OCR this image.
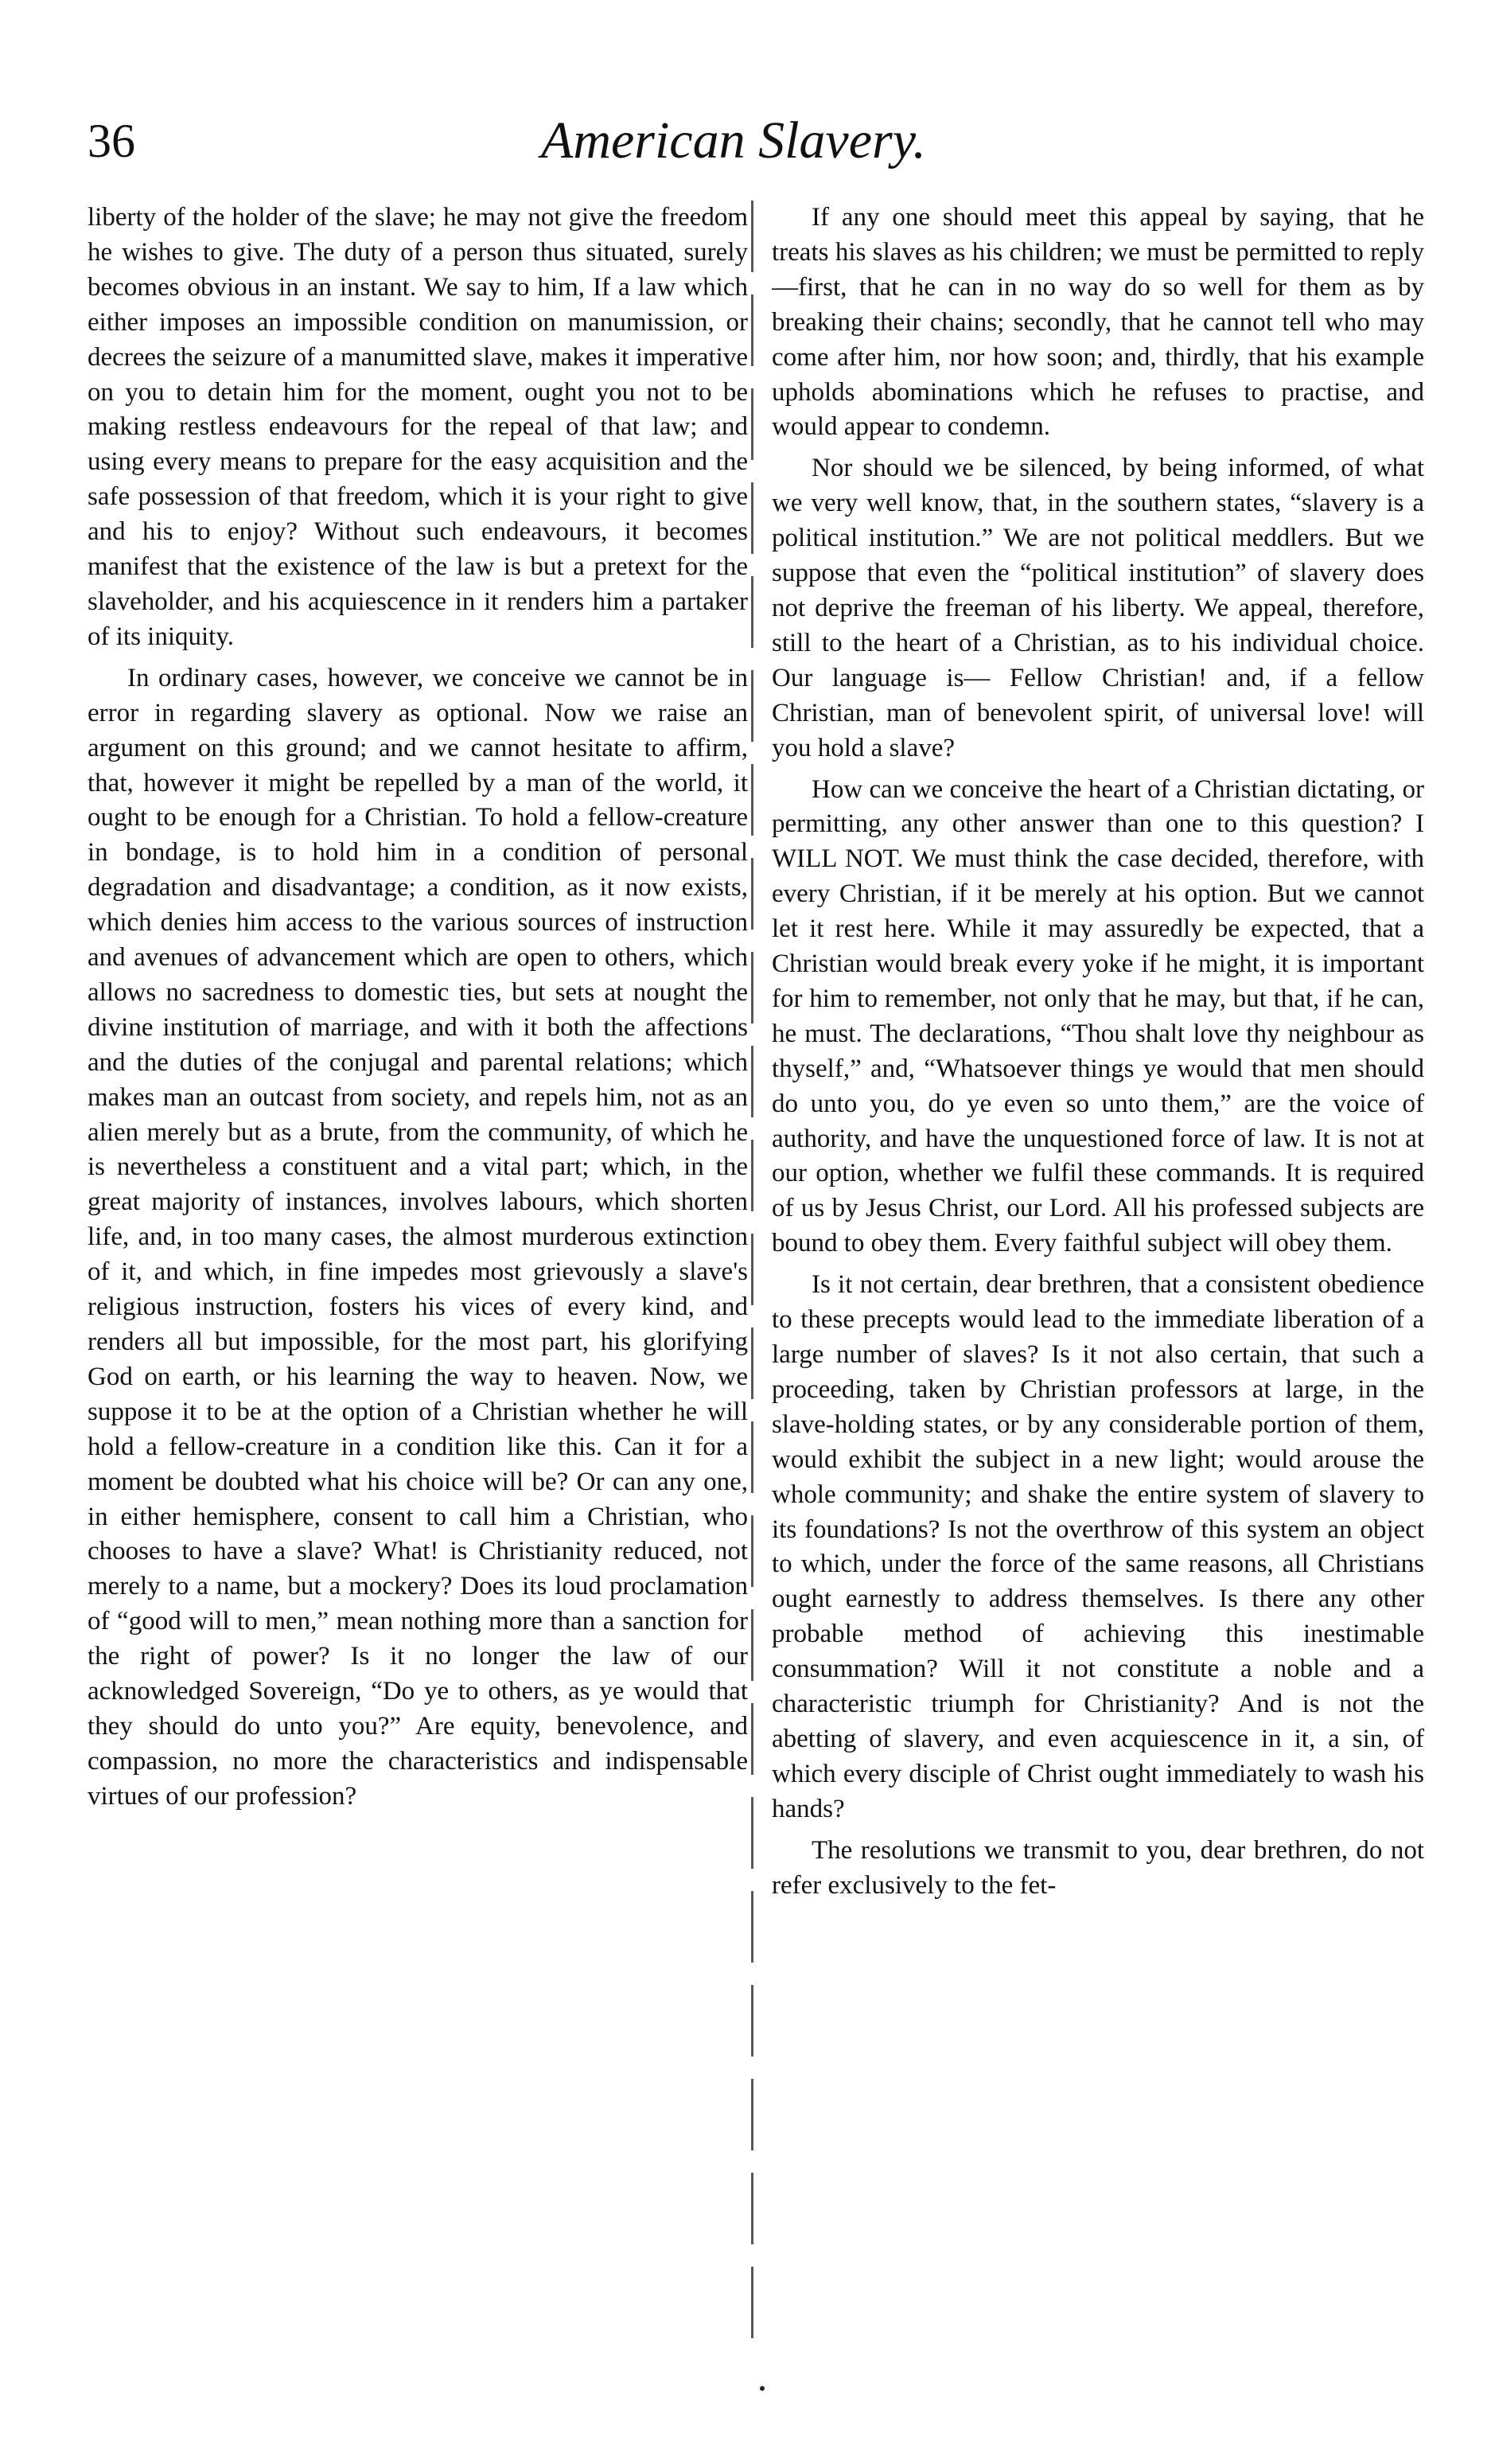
36	American Slavery.

liberty of the holder of the slave; he may not give the freedom he wishes to give. The duty of a person thus situated, surely becomes obvious in an instant. We say to him, If a law which either imposes an impossible condition on manumission, or decrees the seizure of a manumitted slave, makes it imperative on you to detain him for the moment, ought you not to be making restless endeavours for the repeal of that law; and using every means to prepare for the easy acquisition and the safe possession of that freedom, which it is your right to give and his to enjoy? Without such endeavours, it becomes manifest that the existence of the law is but a pretext for the slaveholder, and his acquiescence in it renders him a partaker of its iniquity.

In ordinary cases, however, we conceive we cannot be in error in regarding slavery as optional. Now we raise an argument on this ground; and we cannot hesitate to affirm, that, however it might be repelled by a man of the world, it ought to be enough for a Christian. To hold a fellow-creature in bondage, is to hold him in a condition of personal degradation and disadvantage; a condition, as it now exists, which denies him access to the various sources of instruction and avenues of advancement which are open to others, which allows no sacredness to domestic ties, but sets at nought the divine institution of marriage, and with it both the affections and the duties of the conjugal and parental relations; which makes man an outcast from society, and repels him, not as an alien merely but as a brute, from the community, of which he is nevertheless a constituent and a vital part; which, in the great majority of instances, involves labours, which shorten life, and, in too many cases, the almost murderous extinction of it, and which, in fine impedes most grievously a slave's religious instruction, fosters his vices of every kind, and renders all but impossible, for the most part, his glorifying God on earth, or his learning the way to heaven. Now, we suppose it to be at the option of a Christian whether he will hold a fellow-creature in a condition like this. Can it for a moment be doubted what his choice will be? Or can any one, in either hemisphere, consent to call him a Christian, who chooses to have a slave? What! is Christianity reduced, not merely to a name, but a mockery? Does its loud proclamation of “good will to men,” mean nothing more than a sanction for the right of power? Is it no longer the law of our acknowledged Sovereign, “Do ye to others, as ye would that they should do unto you?” Are equity, benevolence, and compassion, no more the characteristics and indispensable virtues of our profession?

If any one should meet this appeal by saying, that he treats his slaves as his children; we must be permitted to reply—first, that he can in no way do so well for them as by breaking their chains; secondly, that he cannot tell who may come after him, nor how soon; and, thirdly, that his example upholds abominations which he refuses to practise, and would appear to condemn.

Nor should we be silenced, by being informed, of what we very well know, that, in the southern states, “slavery is a political institution.” We are not political meddlers. But we suppose that even the “political institution” of slavery does not deprive the freeman of his liberty. We appeal, therefore, still to the heart of a Christian, as to his individual choice. Our language is— Fellow Christian! and, if a fellow Christian, man of benevolent spirit, of universal love! will you hold a slave?

How can we conceive the heart of a Christian dictating, or permitting, any other answer than one to this question? I WILL NOT. We must think the case decided, therefore, with every Christian, if it be merely at his option. But we cannot let it rest here. While it may assuredly be expected, that a Christian would break every yoke if he might, it is important for him to remember, not only that he may, but that, if he can, he must. The declarations, “Thou shalt love thy neighbour as thyself,” and, “Whatsoever things ye would that men should do unto you, do ye even so unto them,” are the voice of authority, and have the unquestioned force of law. It is not at our option, whether we fulfil these commands. It is required of us by Jesus Christ, our Lord. All his professed subjects are bound to obey them. Every faithful subject will obey them.

Is it not certain, dear brethren, that a consistent obedience to these precepts would lead to the immediate liberation of a large number of slaves? Is it not also certain, that such a proceeding, taken by Christian professors at large, in the slave-holding states, or by any considerable portion of them, would exhibit the subject in a new light; would arouse the whole community; and shake the entire system of slavery to its foundations? Is not the overthrow of this system an object to which, under the force of the same reasons, all Christians ought earnestly to address themselves. Is there any other probable method of achieving this inestimable consummation? Will it not constitute a noble and a characteristic triumph for Christianity? And is not the abetting of slavery, and even acquiescence in it, a sin, of which every disciple of Christ ought immediately to wash his hands?

The resolutions we transmit to you, dear brethren, do not refer exclusively to the fet-
